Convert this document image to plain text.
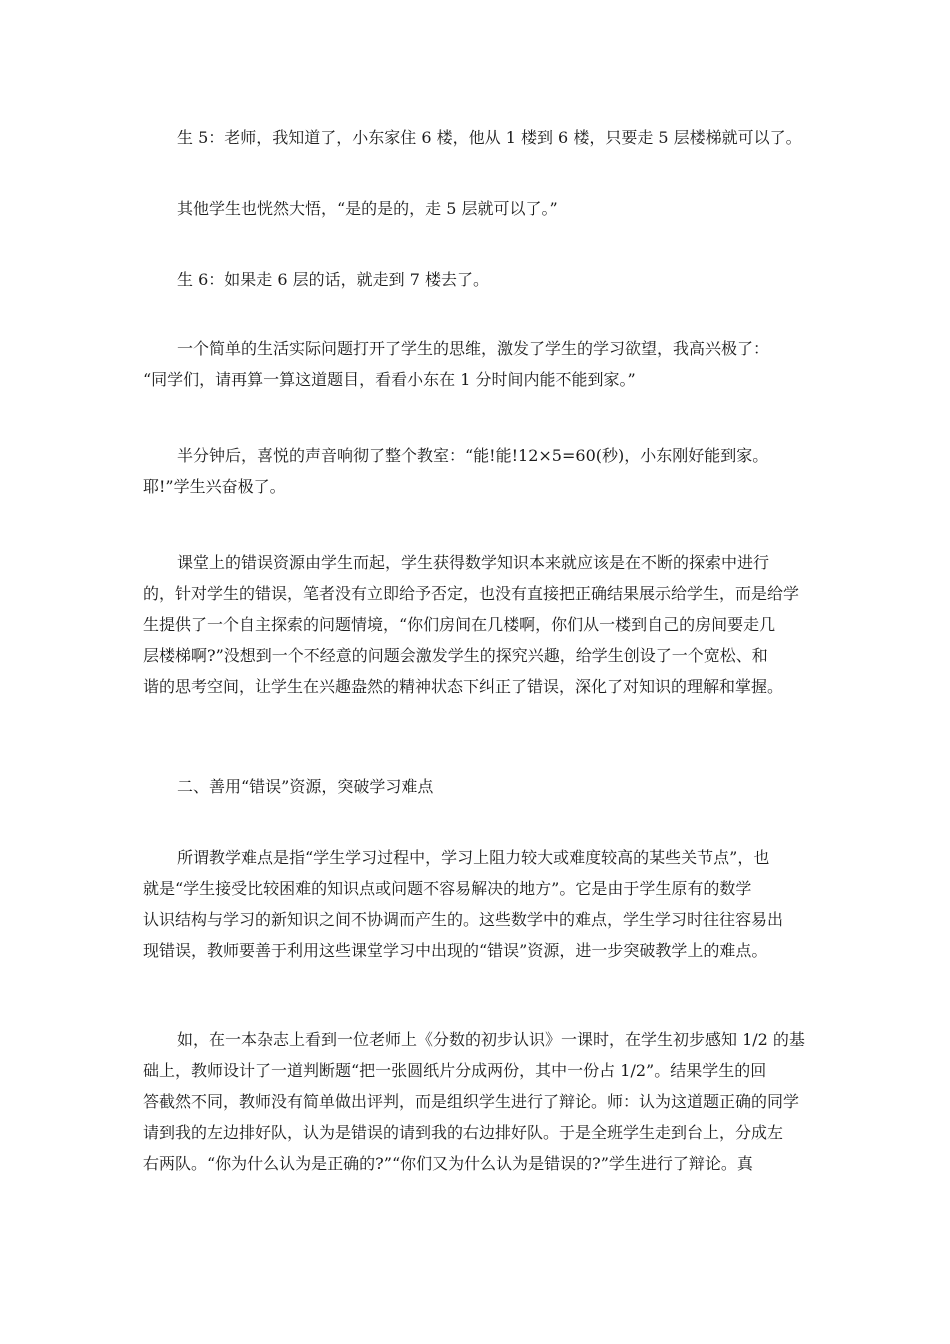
生 5：老师，我知道了，小东家住 6 楼，他从 1 楼到 6 楼，只要走 5 层楼梯就可以了。
其他学生也恍然大悟，“是的是的，走 5 层就可以了。”
生 6：如果走 6 层的话，就走到 7 楼去了。
一个简单的生活实际问题打开了学生的思维，激发了学生的学习欲望，我高兴极了：
“同学们，请再算一算这道题目，看看小东在 1 分时间内能不能到家。”
半分钟后，喜悦的声音响彻了整个教室：“能!能!12×5=60(秒)，小东刚好能到家。
耶!”学生兴奋极了。
课堂上的错误资源由学生而起，学生获得数学知识本来就应该是在不断的探索中进行
的，针对学生的错误，笔者没有立即给予否定，也没有直接把正确结果展示给学生，而是给学
生提供了一个自主探索的问题情境，“你们房间在几楼啊，你们从一楼到自己的房间要走几
层楼梯啊?”没想到一个不经意的问题会激发学生的探究兴趣，给学生创设了一个宽松、和
谐的思考空间，让学生在兴趣盎然的精神状态下纠正了错误，深化了对知识的理解和掌握。
二、善用“错误”资源，突破学习难点
所谓教学难点是指“学生学习过程中，学习上阻力较大或难度较高的某些关节点”，也
就是“学生接受比较困难的知识点或问题不容易解决的地方”。它是由于学生原有的数学
认识结构与学习的新知识之间不协调而产生的。这些数学中的难点，学生学习时往往容易出
现错误，教师要善于利用这些课堂学习中出现的“错误”资源，进一步突破教学上的难点。
如，在一本杂志上看到一位老师上《分数的初步认识》一课时，在学生初步感知 1/2 的基
础上，教师设计了一道判断题“把一张圆纸片分成两份，其中一份占 1/2”。结果学生的回
答截然不同，教师没有简单做出评判，而是组织学生进行了辩论。师：认为这道题正确的同学
请到我的左边排好队，认为是错误的请到我的右边排好队。于是全班学生走到台上，分成左
右两队。“你为什么认为是正确的?”“你们又为什么认为是错误的?”学生进行了辩论。真
